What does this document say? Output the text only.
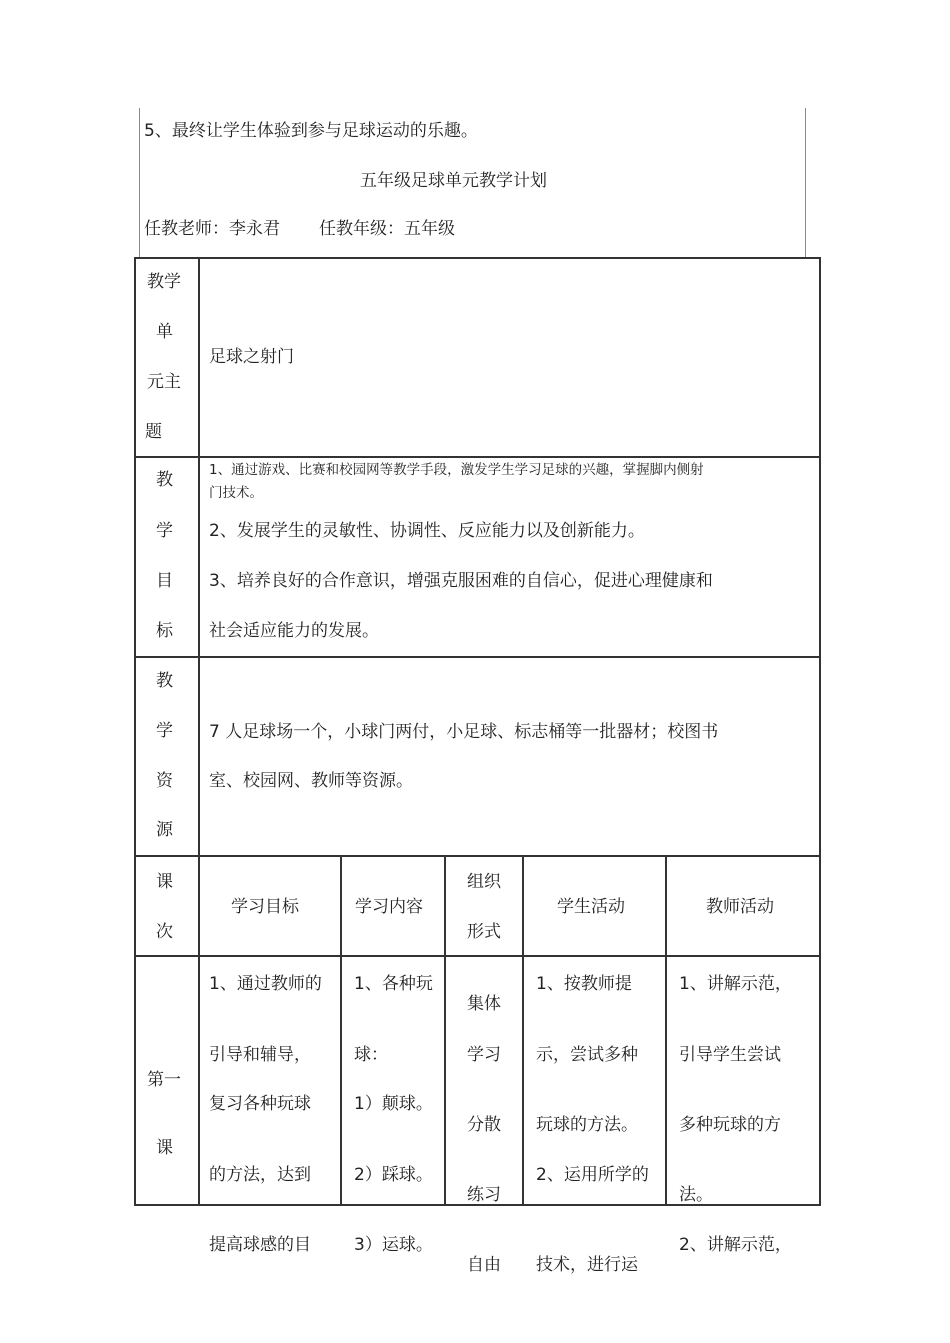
5、最终让学生体验到参与足球运动的乐趣。
五年级足球单元教学计划
任教老师：李永君 任教年级：五年级
教学
单
元主
题
足球之射门
教
学
目
标
1、通过游戏、比赛和校园网等教学手段，激发学生学习足球的兴趣，掌握脚内侧射
门技术。
2、发展学生的灵敏性、协调性、反应能力以及创新能力。
3、培养良好的合作意识，增强克服困难的自信心，促进心理健康和
社会适应能力的发展。
教
学
资
源
7 人足球场一个，小球门两付，小足球、标志桶等一批器材；校图书
室、校园网、教师等资源。
课
次
学习目标	学习内容
组织
形式
学生活动	教师活动
第一
课
1、通过教师的
引导和辅导，
复习各种玩球
的方法，达到
提高球感的目
1、各种玩
球：
1）颠球。
2）踩球。
3）运球。
集体
学习
分散
练习
自由
1、按教师提
示，尝试多种
玩球的方法。
2、运用所学的
技术，进行运
1、讲解示范，
引导学生尝试
多种玩球的方
法。
2、讲解示范，
